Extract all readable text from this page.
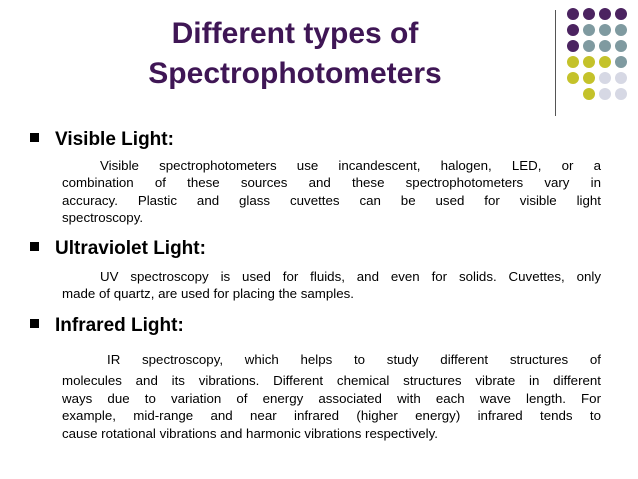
Different types of
Spectrophotometers
Visible Light:
Visible spectrophotometers use incandescent, halogen, LED, or a
combination of these sources and these spectrophotometers vary in
accuracy. Plastic and glass cuvettes can be used for visible light
spectroscopy.
Ultraviolet Light:
UV spectroscopy is used for fluids, and even for solids. Cuvettes, only
made of quartz, are used for placing the samples.
Infrared Light:
IR spectroscopy, which helps to study different structures of
molecules and its vibrations. Different chemical structures vibrate in different
ways due to variation of energy associated with each wave length. For
example, mid-range and near infrared (higher energy) infrared tends to
cause rotational vibrations and harmonic vibrations respectively.
